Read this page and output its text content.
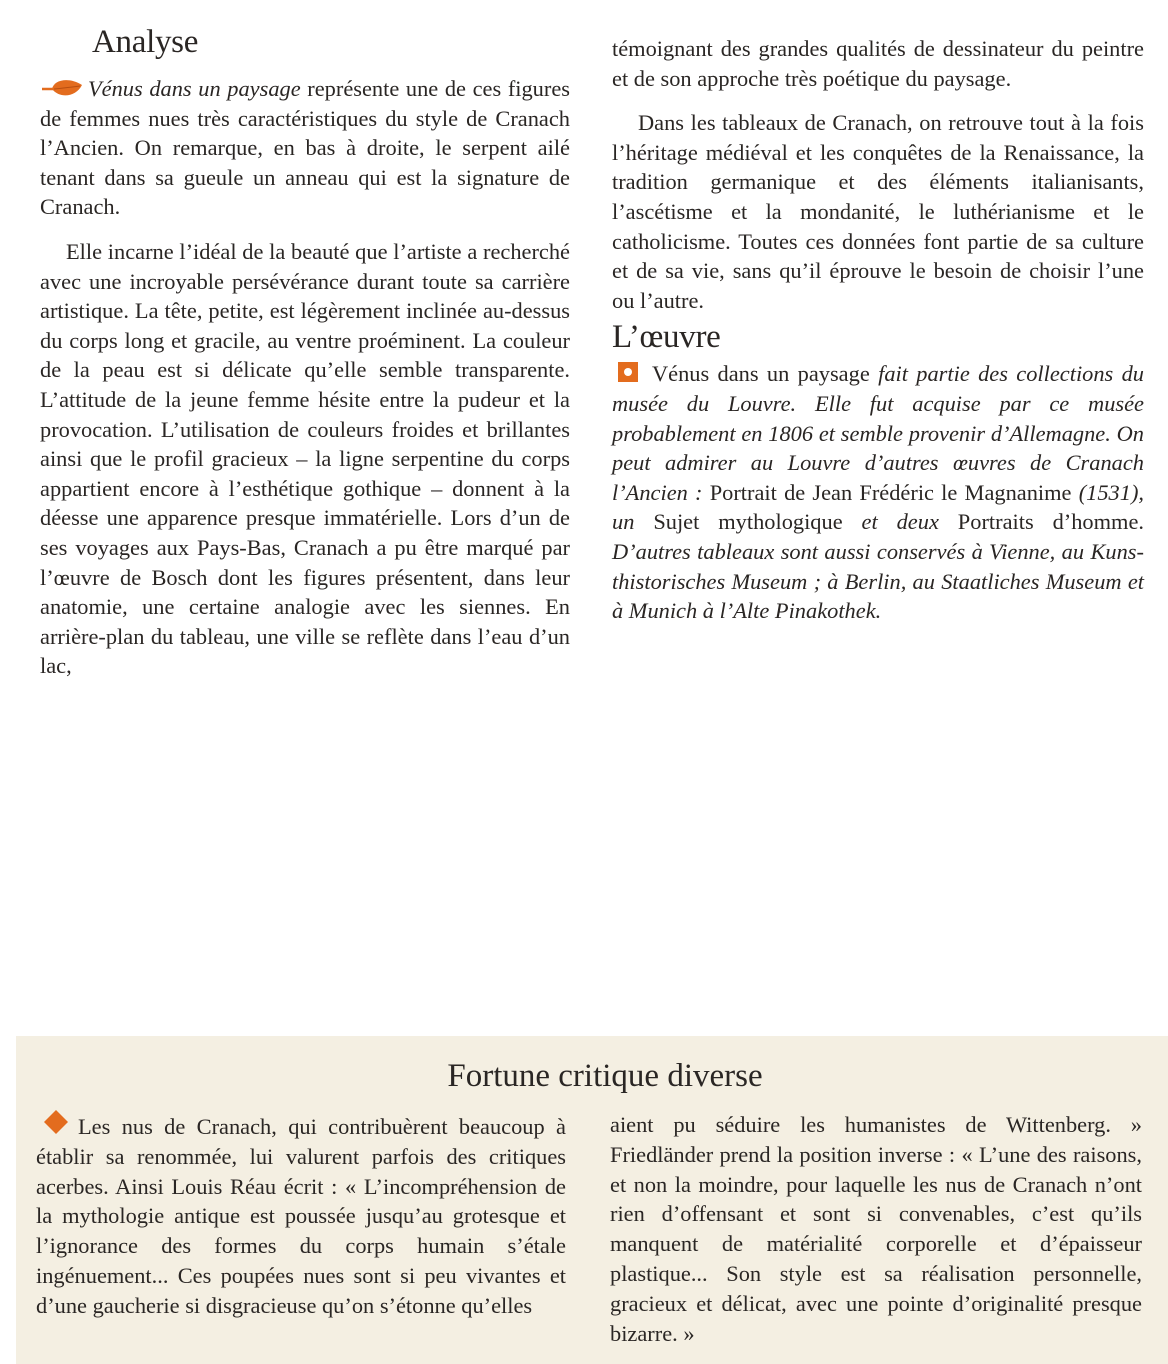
Analyse

Vénus dans un paysage représente une de ces figures de femmes nues très caractéristiques du style de Cranach l’Ancien. On remarque, en bas à droite, le serpent ailé tenant dans sa gueule un anneau qui est la signature de Cranach.

Elle incarne l’idéal de la beauté que l’artiste a recherché avec une incroyable persévérance durant toute sa carrière artistique. La tête, petite, est légèrement inclinée au-dessus du corps long et gracile, au ventre proéminent. La couleur de la peau est si délicate qu’elle semble transparente. L’attitude de la jeune femme hésite entre la pudeur et la provocation. L’utilisation de couleurs froides et brillantes ainsi que le profil gracieux – la ligne serpentine du corps appartient encore à l’esthétique gothique – donnent à la déesse une apparence presque immatérielle. Lors d’un de ses voyages aux Pays-Bas, Cranach a pu être marqué par l’œuvre de Bosch dont les figures présentent, dans leur anatomie, une certaine analogie avec les siennes. En arrière-plan du tableau, une ville se reflète dans l’eau d’un lac,

témoignant des grandes qualités de dessinateur du peintre et de son approche très poétique du paysage.

Dans les tableaux de Cranach, on retrouve tout à la fois l’héritage médiéval et les conquêtes de la Renaissance, la tradition germanique et des éléments italianisants, l’ascétisme et la mondanité, le luthérianisme et le catholicisme. Toutes ces données font partie de sa culture et de sa vie, sans qu’il éprouve le besoin de choisir l’une ou l’autre.

L’œuvre

Vénus dans un paysage fait partie des collections du musée du Louvre. Elle fut acquise par ce musée probablement en 1806 et semble provenir d’Allemagne. On peut admirer au Louvre d’autres œuvres de Cranach l’Ancien : Portrait de Jean Frédéric le Magnanime (1531), un Sujet mythologique et deux Portraits d’homme. D’autres tableaux sont aussi conservés à Vienne, au Kunsthistorisches Museum ; à Berlin, au Staatliches Museum et à Munich à l’Alte Pinakothek.

Fortune critique diverse

Les nus de Cranach, qui contribuèrent beaucoup à établir sa renommée, lui valurent parfois des critiques acerbes. Ainsi Louis Réau écrit : « L’incompréhension de la mythologie antique est poussée jusqu’au grotesque et l’ignorance des formes du corps humain s’étale ingénuement... Ces poupées nues sont si peu vivantes et d’une gaucherie si disgracieuse qu’on s’étonne qu’elles

aient pu séduire les humanistes de Wittenberg. » Friedländer prend la position inverse : « L’une des raisons, et non la moindre, pour laquelle les nus de Cranach n’ont rien d’offensant et sont si convenables, c’est qu’ils manquent de matérialité corporelle et d’épaisseur plastique... Son style est sa réalisation personnelle, gracieux et délicat, avec une pointe d’originalité presque bizarre. »
